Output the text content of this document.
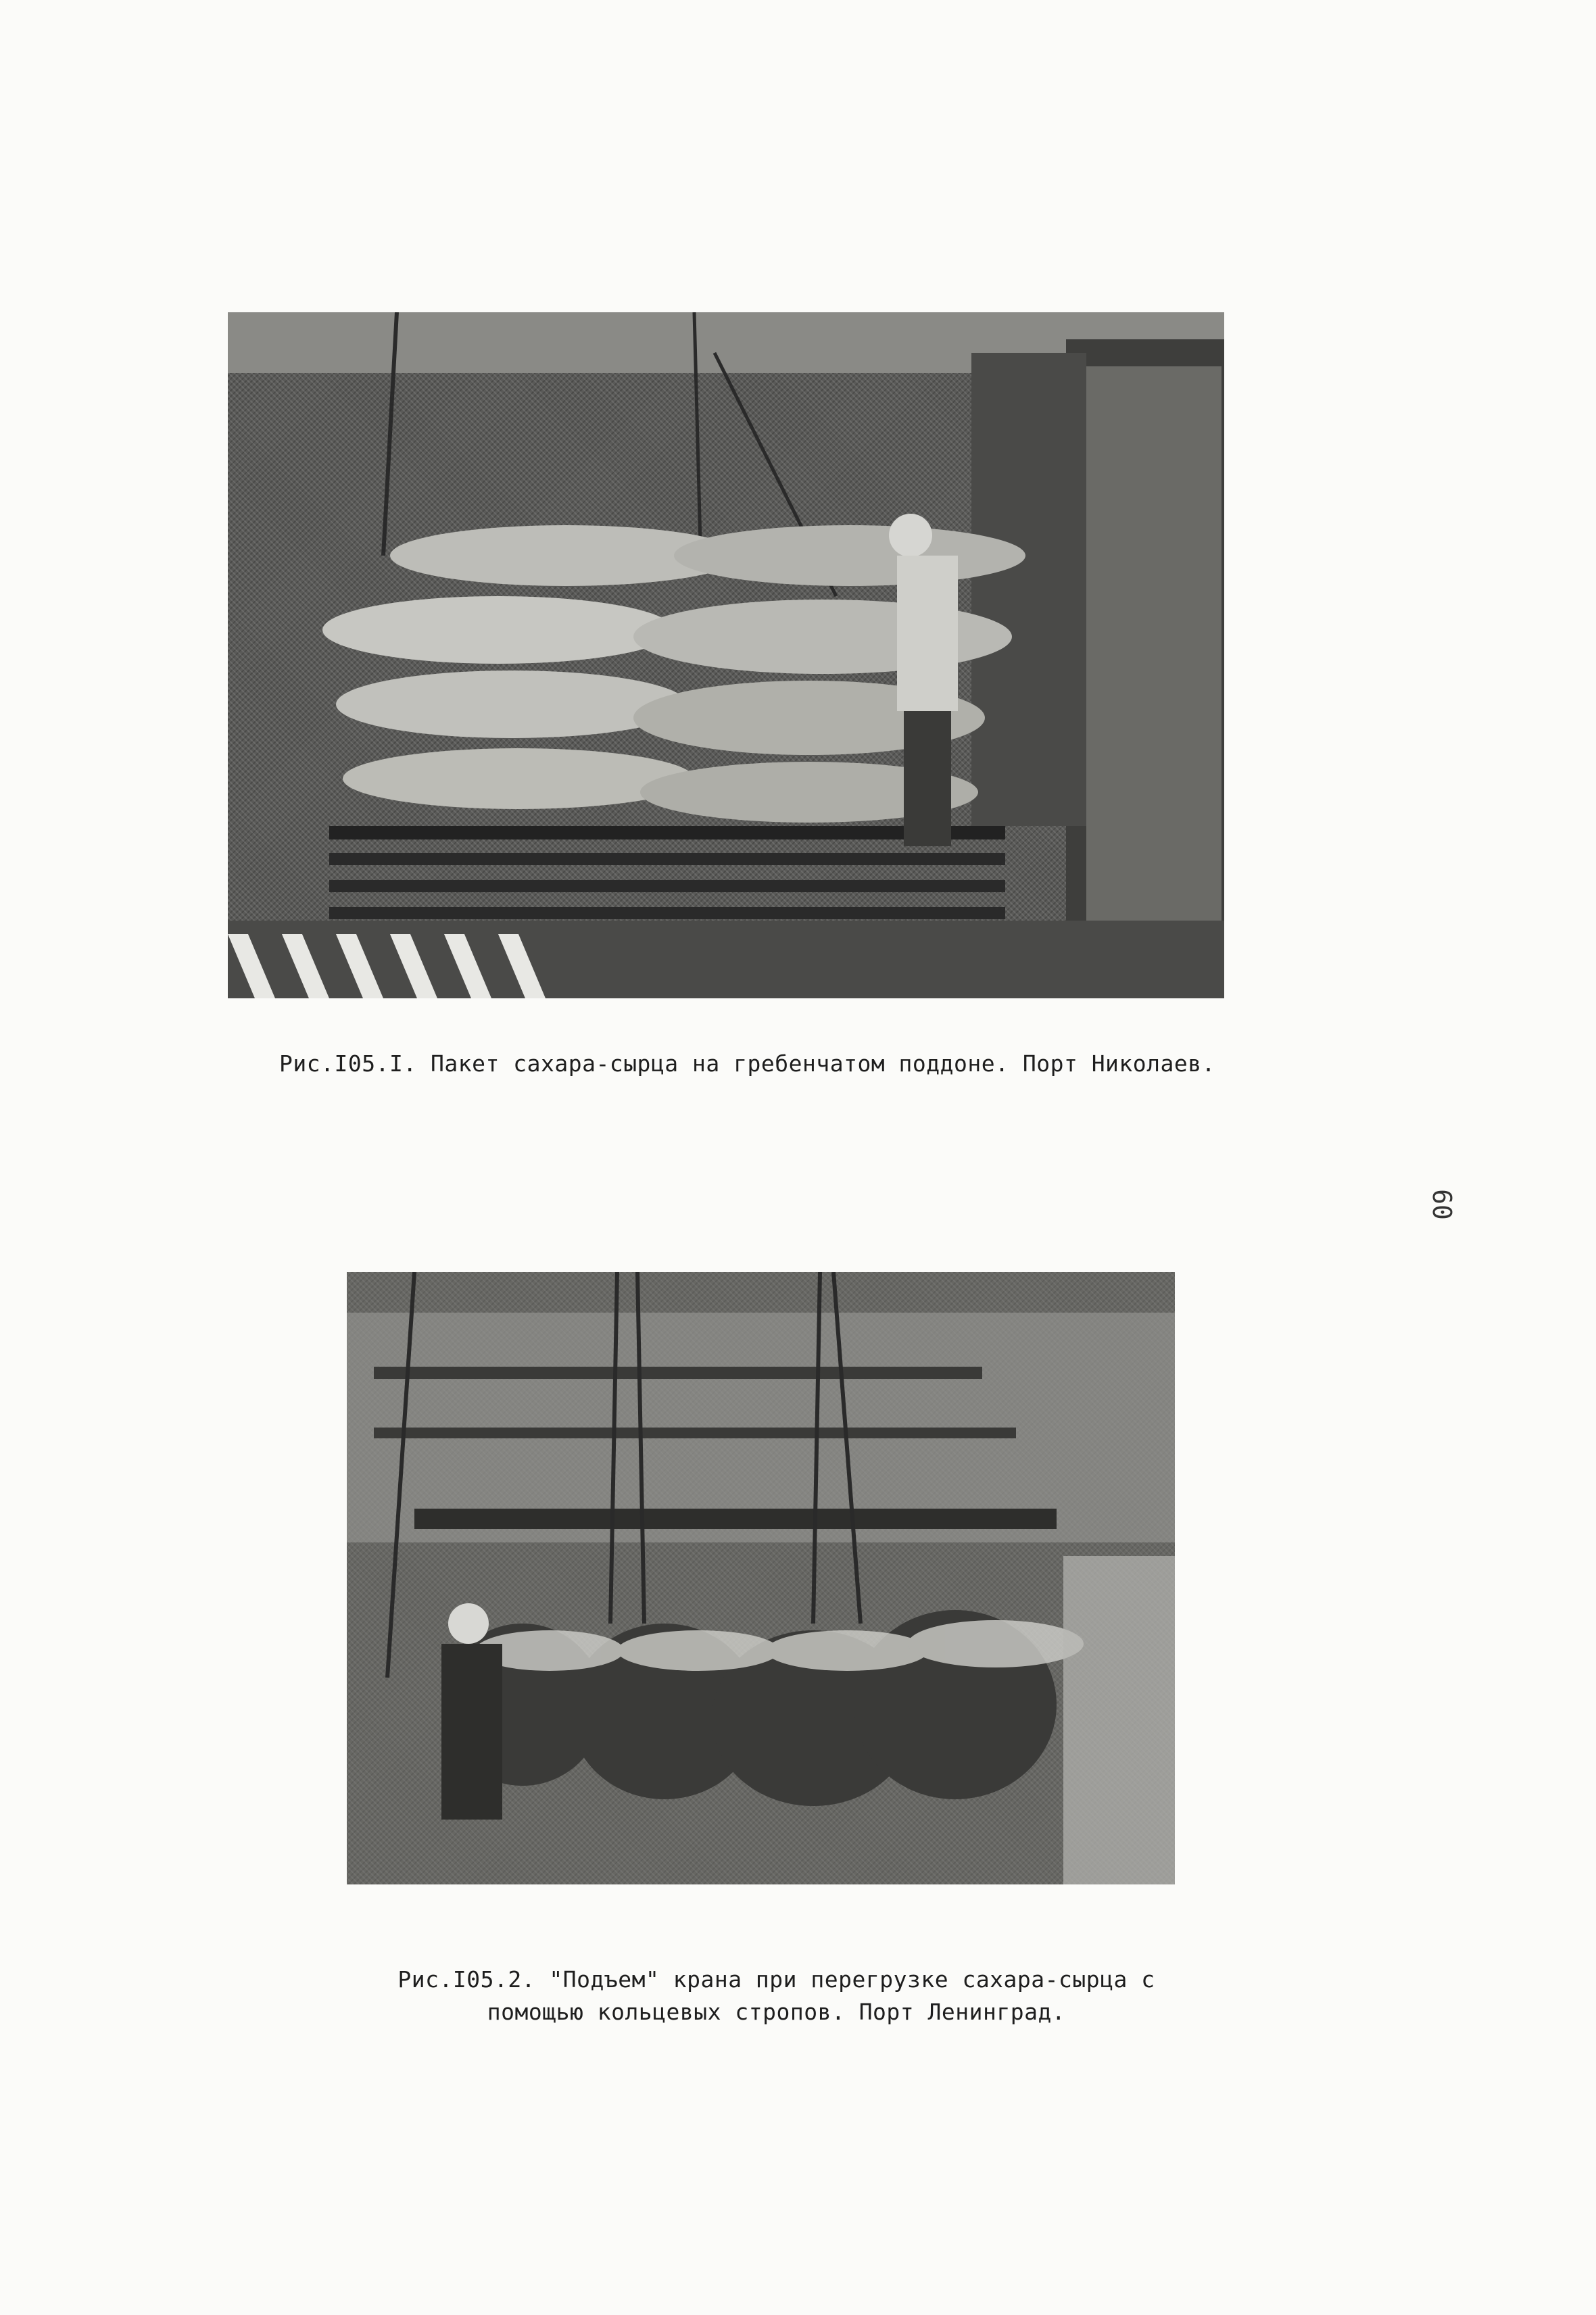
Рис.I05.I. Пакет сахара-сырца на гребенчатом поддоне. Порт Николаев.
60
Рис.I05.2. "Подъем" крана при перегрузке сахара-сырца с помощью кольцевых стропов. Порт Ленинград.
